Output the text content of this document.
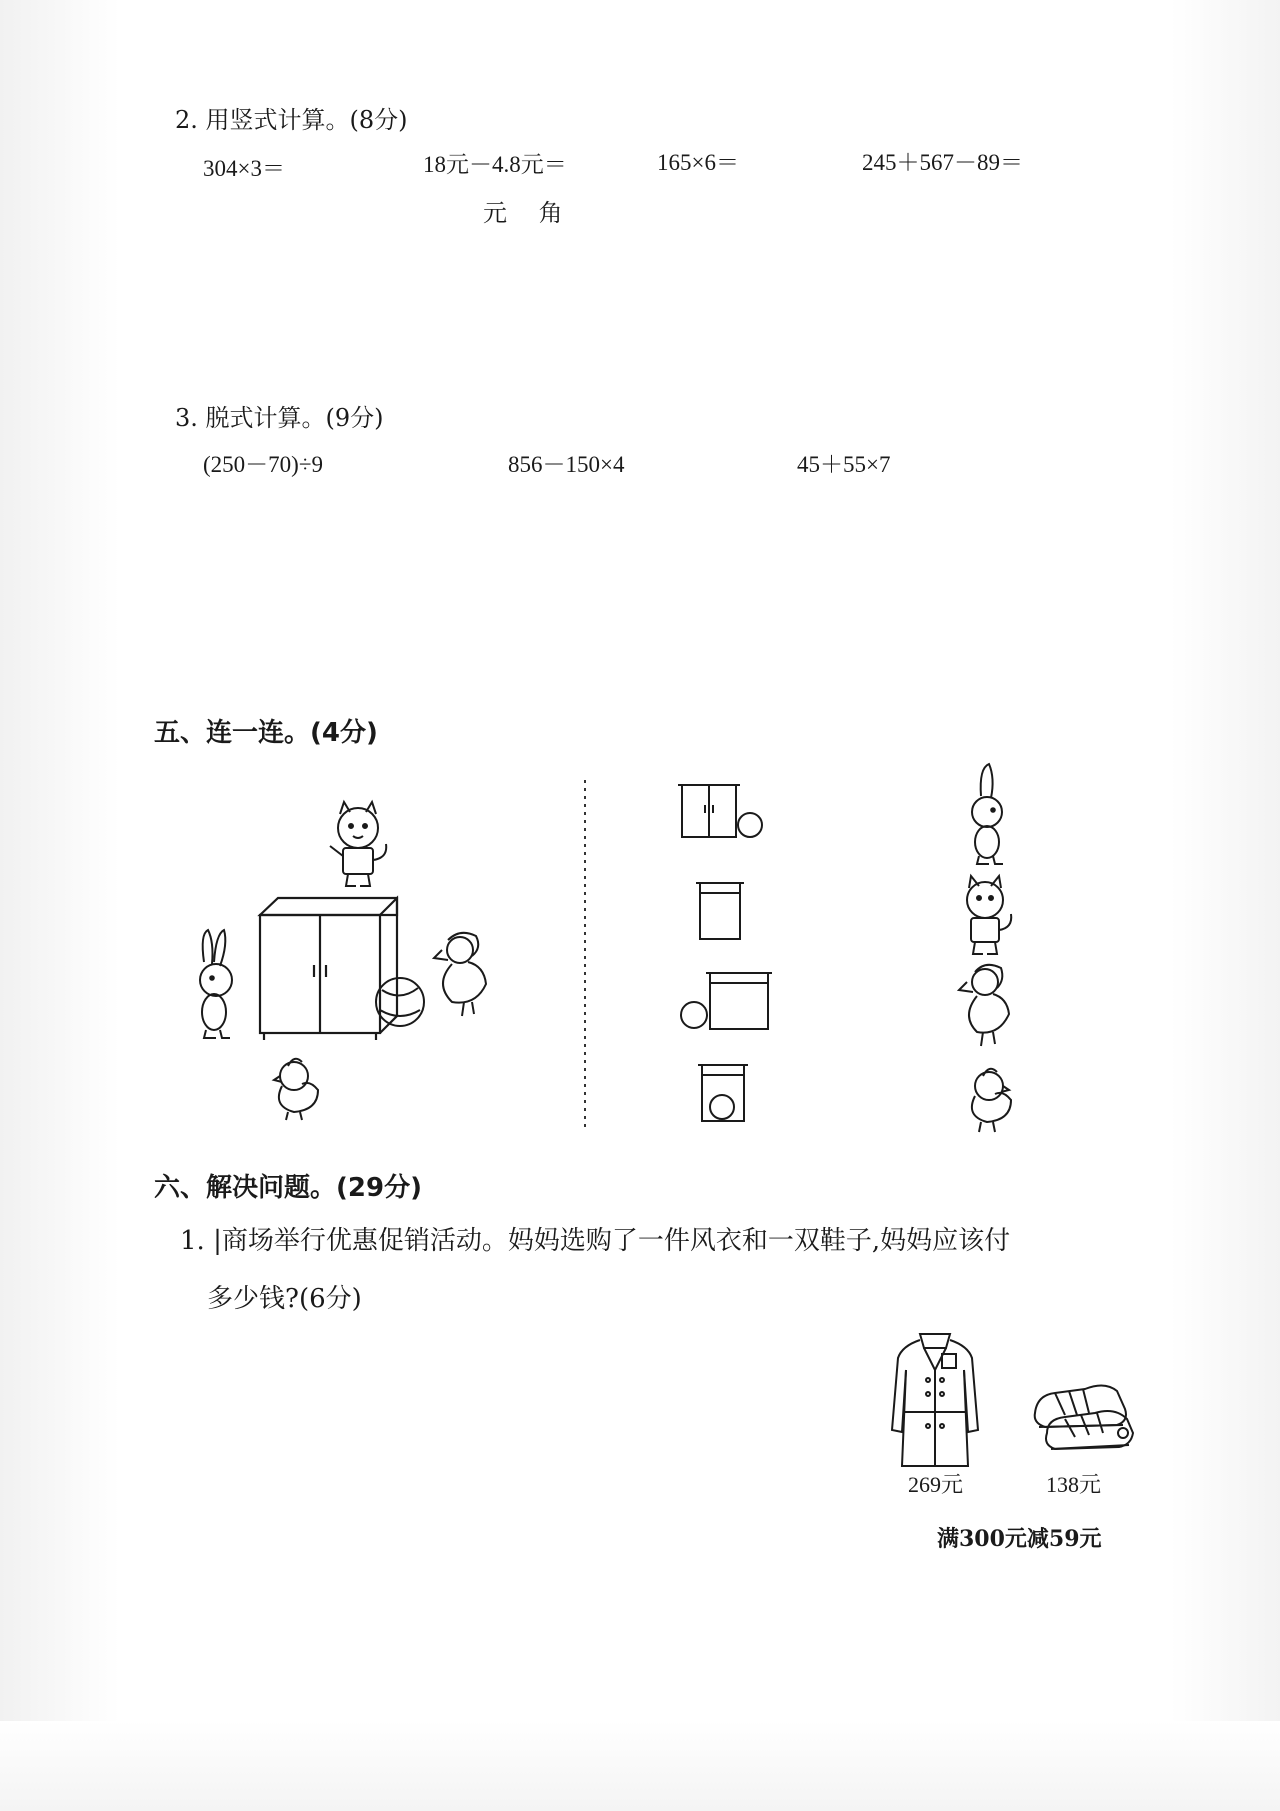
2. 用竖式计算。(8分)
304×3＝	18元－4.8元＝	165×6＝	245＋567－89＝
元　 角
3. 脱式计算。(9分)
(250－70)÷9	856－150×4	45＋55×7
五、连一连。(4分)
六、解决问题。(29分)
1. |商场举行优惠促销活动。妈妈选购了一件风衣和一双鞋子,妈妈应该付
多少钱?(6分)
269元	138元
满300元减59元
